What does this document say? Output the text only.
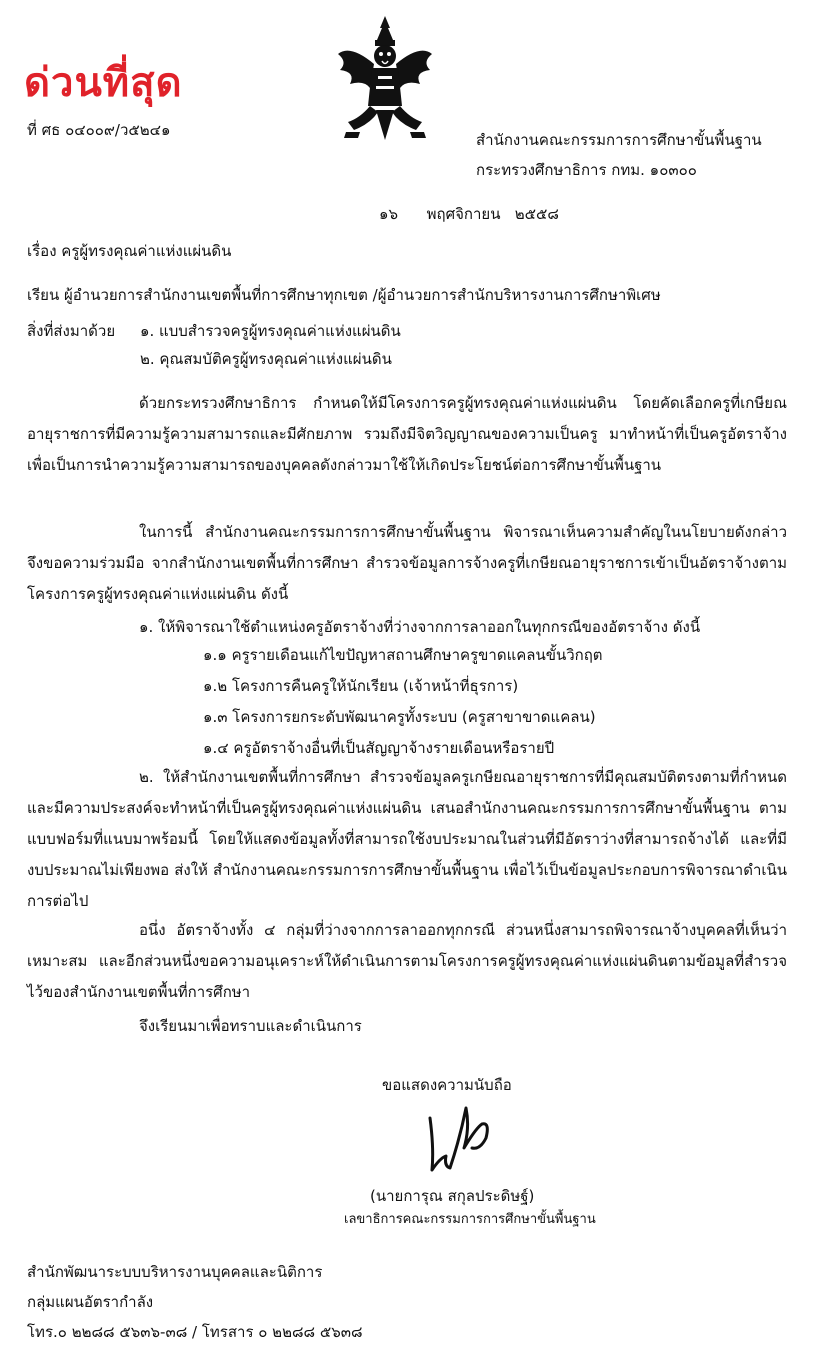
ด่วนที่สุด
ที่ ศธ ๐๔๐๐๙/ว๕๒๔๑
สำนักงานคณะกรรมการการศึกษาขั้นพื้นฐาน
กระทรวงศึกษาธิการ กทม. ๑๐๓๐๐
๑๖      พฤศจิกายน   ๒๕๕๘
เรื่อง ครูผู้ทรงคุณค่าแห่งแผ่นดิน
เรียน ผู้อำนวยการสำนักงานเขตพื้นที่การศึกษาทุกเขต /ผู้อำนวยการสำนักบริหารงานการศึกษาพิเศษ
สิ่งที่ส่งมาด้วย ๑. แบบสำรวจครูผู้ทรงคุณค่าแห่งแผ่นดิน
๒. คุณสมบัติครูผู้ทรงคุณค่าแห่งแผ่นดิน
ด้วยกระทรวงศึกษาธิการ กำหนดให้มีโครงการครูผู้ทรงคุณค่าแห่งแผ่นดิน โดยคัดเลือกครูที่เกษียณอายุราชการที่มีความรู้ความสามารถและมีศักยภาพ รวมถึงมีจิตวิญญาณของความเป็นครู มาทำหน้าที่เป็นครูอัตราจ้าง เพื่อเป็นการนำความรู้ความสามารถของบุคคลดังกล่าวมาใช้ให้เกิดประโยชน์ต่อการศึกษาขั้นพื้นฐาน
ในการนี้ สำนักงานคณะกรรมการการศึกษาขั้นพื้นฐาน พิจารณาเห็นความสำคัญในนโยบายดังกล่าว จึงขอความร่วมมือ จากสำนักงานเขตพื้นที่การศึกษา สำรวจข้อมูลการจ้างครูที่เกษียณอายุราชการเข้าเป็นอัตราจ้างตามโครงการครูผู้ทรงคุณค่าแห่งแผ่นดิน ดังนี้
๑. ให้พิจารณาใช้ตำแหน่งครูอัตราจ้างที่ว่างจากการลาออกในทุกกรณีของอัตราจ้าง ดังนี้
๑.๑ ครูรายเดือนแก้ไขปัญหาสถานศึกษาครูขาดแคลนขั้นวิกฤต
๑.๒ โครงการคืนครูให้นักเรียน (เจ้าหน้าที่ธุรการ)
๑.๓ โครงการยกระดับพัฒนาครูทั้งระบบ (ครูสาขาขาดแคลน)
๑.๔ ครูอัตราจ้างอื่นที่เป็นสัญญาจ้างรายเดือนหรือรายปี
๒. ให้สำนักงานเขตพื้นที่การศึกษา สำรวจข้อมูลครูเกษียณอายุราชการที่มีคุณสมบัติตรงตามที่กำหนดและมีความประสงค์จะทำหน้าที่เป็นครูผู้ทรงคุณค่าแห่งแผ่นดิน เสนอสำนักงานคณะกรรมการการศึกษาขั้นพื้นฐาน ตามแบบฟอร์มที่แนบมาพร้อมนี้ โดยให้แสดงข้อมูลทั้งที่สามารถใช้งบประมาณในส่วนที่มีอัตราว่างที่สามารถจ้างได้ และที่มีงบประมาณไม่เพียงพอ ส่งให้ สำนักงานคณะกรรมการการศึกษาขั้นพื้นฐาน เพื่อไว้เป็นข้อมูลประกอบการพิจารณาดำเนินการต่อไป
อนึ่ง อัตราจ้างทั้ง ๔ กลุ่มที่ว่างจากการลาออกทุกกรณี ส่วนหนึ่งสามารถพิจารณาจ้างบุคคลที่เห็นว่าเหมาะสม และอีกส่วนหนึ่งขอความอนุเคราะห์ให้ดำเนินการตามโครงการครูผู้ทรงคุณค่าแห่งแผ่นดินตามข้อมูลที่สำรวจไว้ของสำนักงานเขตพื้นที่การศึกษา
จึงเรียนมาเพื่อทราบและดำเนินการ
ขอแสดงความนับถือ
(นายการุณ สกุลประดิษฐ์)
เลขาธิการคณะกรรมการการศึกษาขั้นพื้นฐาน
สำนักพัฒนาระบบบริหารงานบุคคลและนิติการ
กลุ่มแผนอัตรากำลัง
โทร.๐ ๒๒๘๘ ๕๖๓๖-๓๘ / โทรสาร ๐ ๒๒๘๘ ๕๖๓๘
